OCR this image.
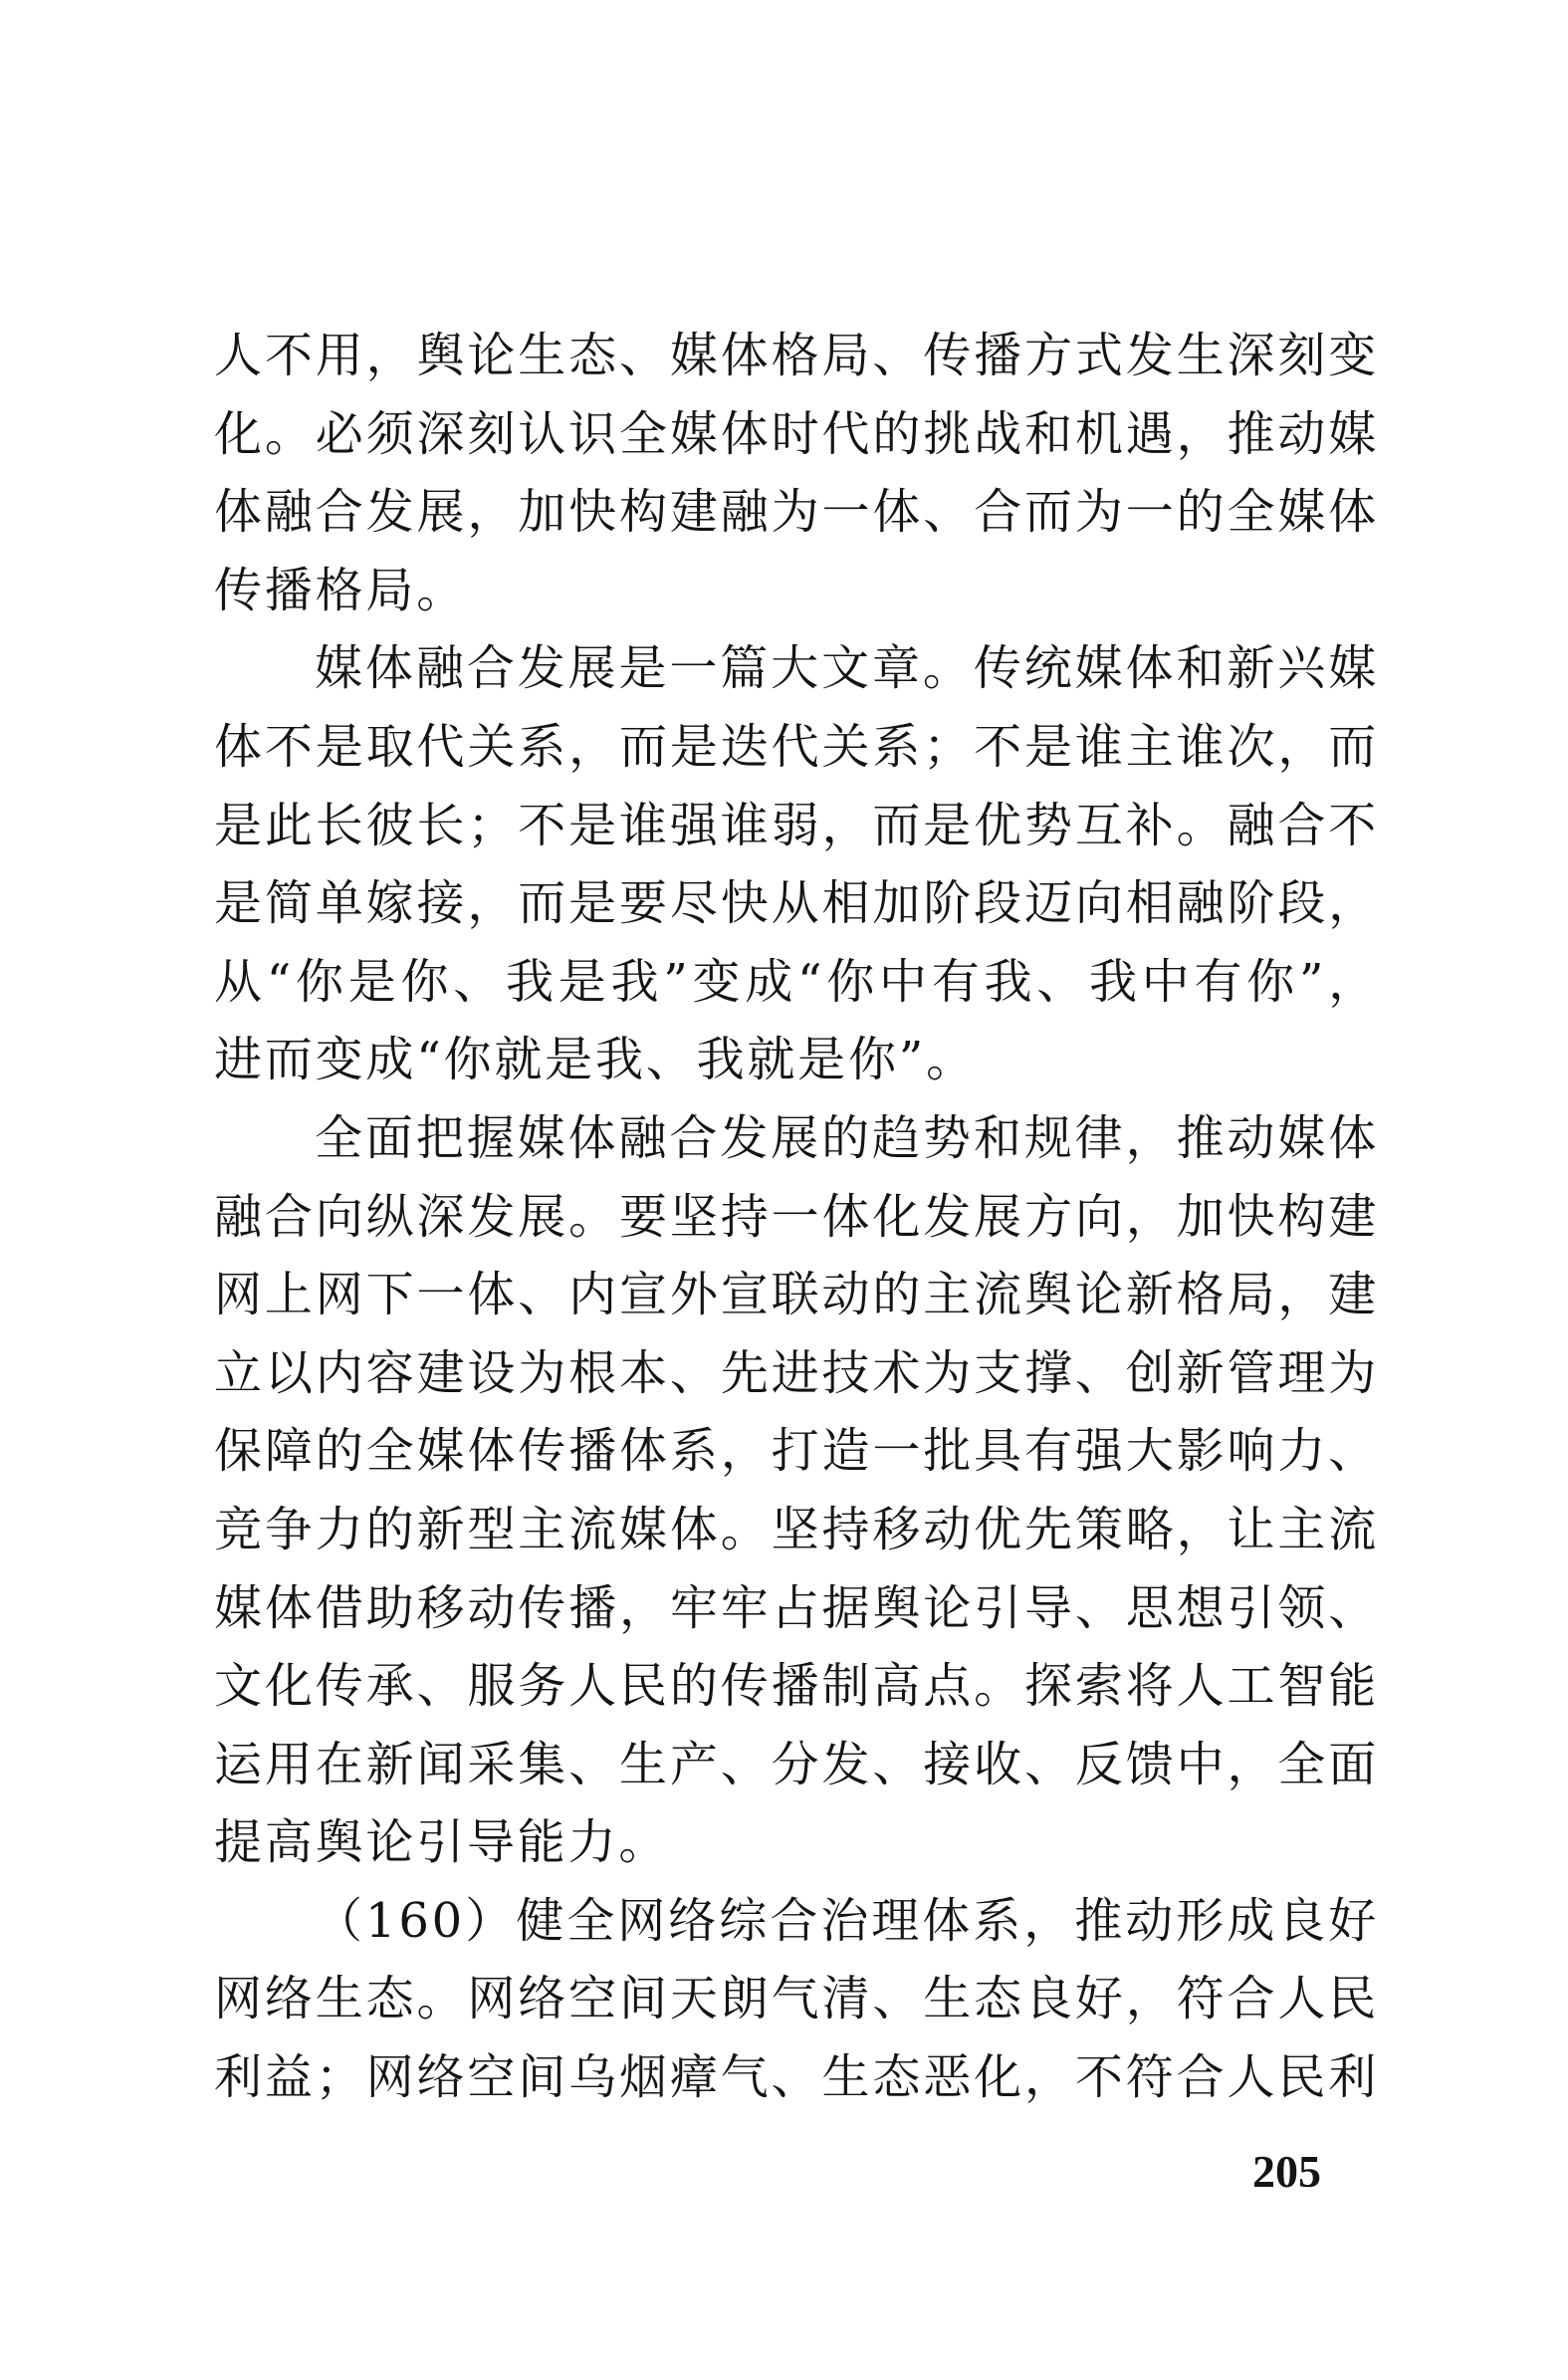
人不用，舆论生态、媒体格局、传播方式发生深刻变
化。必须深刻认识全媒体时代的挑战和机遇，推动媒
体融合发展，加快构建融为一体、合而为一的全媒体
传播格局。
媒体融合发展是一篇大文章。传统媒体和新兴媒
体不是取代关系，而是迭代关系；不是谁主谁次，而
是此长彼长；不是谁强谁弱，而是优势互补。融合不
是简单嫁接，而是要尽快从相加阶段迈向相融阶段，
从“你是你、我是我”变成“你中有我、我中有你”，
进而变成“你就是我、我就是你”。
全面把握媒体融合发展的趋势和规律，推动媒体
融合向纵深发展。要坚持一体化发展方向，加快构建
网上网下一体、内宣外宣联动的主流舆论新格局，建
立以内容建设为根本、先进技术为支撑、创新管理为
保障的全媒体传播体系，打造一批具有强大影响力、
竞争力的新型主流媒体。坚持移动优先策略，让主流
媒体借助移动传播，牢牢占据舆论引导、思想引领、
文化传承、服务人民的传播制高点。探索将人工智能
运用在新闻采集、生产、分发、接收、反馈中，全面
提高舆论引导能力。
（160）健全网络综合治理体系，推动形成良好
网络生态。网络空间天朗气清、生态良好，符合人民
利益；网络空间乌烟瘴气、生态恶化，不符合人民利
205
